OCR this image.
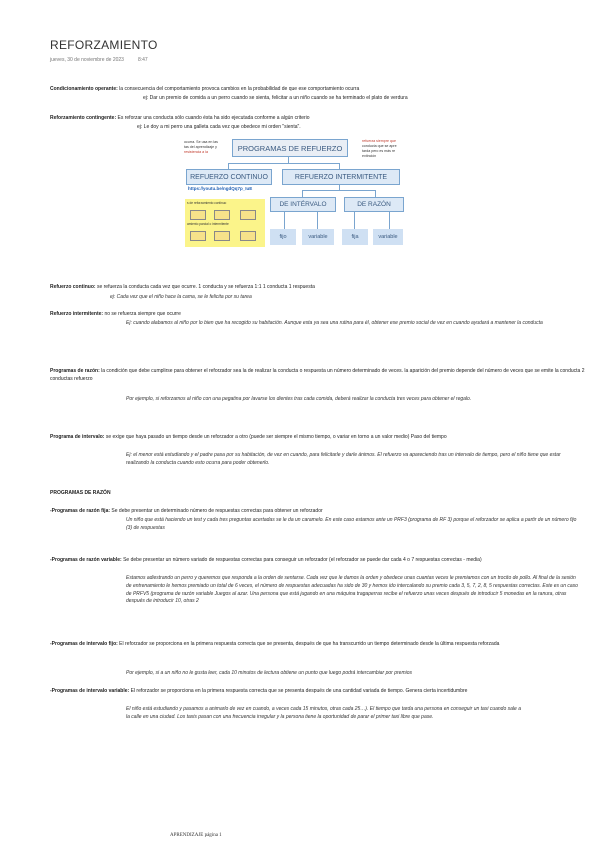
REFORZAMIENTO
jueves, 30 de noviembre de 2023	8:47
Condicionamiento operante: la consecuencia del comportamiento provoca cambios en la probabilidad de que ese comportamiento ocurra
ej: Dar un premio de comida a un perro cuando se sienta, felicitar a un niño cuando se ha terminado el plato de verdura
Reforzamiento contingente: Es reforzar una conducta sólo cuando ésta ha sido ejecutada conforme a algún criterio
ej: Le doy a mi perro una galleta cada vez que obedece mi orden "sienta".
ocurra. Se usa en las
tas del aprendizaje y
resistencia a la
refuerza siempre que
conducta que se apre
tarda pero es más re
extinción
PROGRAMAS DE REFUERZO
REFUERZO CONTINUO	REFUERZO INTERMITENTE
https://youtu.be/ngdQq7p_IuE
DE INTÉRVALO	DE RAZÓN
fijo	variable	fija	variable
s de reforzamiento continuo
amiento parcial o intermitente
Refuerzo continuo: se refuerza la conducta cada vez que ocurre. 1 conducta y se refuerza 1:1 1 conducta 1 respuesta
ej: Cada vez que el niño hace la cama, se le felicita por su tarea
Refuerzo intermitente: no se refuerza siempre que ocurre
Ej: cuando alabamos al niño por lo bien que ha recogido su habitación. Aunque esta ya sea una rutina para él, obtener ese premio social de vez en cuando ayudará a mantener la conducta
Programas de razón: la condición que debe cumplirse para obtener el reforzador sea la de realizar la conducta o respuesta un número determinado de veces. la aparición del premio depende del número de veces que se emite la conducta 2 conductas refuerzo
Por ejemplo, si reforzamos al niño con una pegatina por lavarse los dientes tras cada comida, deberá realizar la conducta tres veces para obtener el regalo.
Programa de intervalo: se exige que haya pasado un tiempo desde un reforzador a otro (puede ser siempre el mismo tiempo, o variar en torno a un valor medio) Paso del tiempo
Ej: el menor está estudiando y el padre pasa por su habitación, de vez en cuando, para felicitarle y darle ánimos. El refuerzo va apareciendo tras un intervalo de tiempo, pero el niño tiene que estar realizando la conducta cuando esto ocurra para poder obtenerlo.
PROGRAMAS DE RAZÓN
-Programas de razón fija: Se debe presentar un determinado número de respuestas correctas para obtener un reforzador
Un niño que está haciendo un test y cada tres preguntas acertadas se le da un caramelo. En este caso estamos ante un PRF3 (programa de RF 3) porque el reforzador se aplica a partir de un número fijo (3) de respuestas
-Programas de razón variable: Se debe presentar un número variado de respuestas correctas para conseguir un reforzador (el reforzador se puede dar cada 4 o 7 respuestas correctas - media)
Estamos adiestrando un perro y queremos que responda a la orden de sentarse. Cada vez que le damos la orden y obedece unas cuantas veces le premiamos con un trocito de pollo. Al final de la sesión de entrenamiento le hemos premiado un total de 6 veces, el número de respuestas adecuadas ha sido de 30 y hemos ido intercalando su premio cada 3, 5, 7, 2, 8, 5 respuestas correctas. Este es un caso de PRFV5 (programa de razón variable Juegos al azar. Una persona que está jugando en una máquina tragaperras recibe el refuerzo unas veces después de introducir 5 monedas en la ranura, otras después de introducir 10, otras 2
-Programas de intervalo fijo: El reforzador se proporciona en la primera respuesta correcta que se presenta, después de que ha transcurrido un tiempo determinado desde la última respuesta reforzada
Por ejemplo, si a un niño no le gusta leer, cada 10 minutos de lectura obtiene un punto que luego podrá intercambiar por premios
-Programas de intervalo variable: El reforzador se proporciona en la primera respuesta correcta que se presenta después de una cantidad variada de tiempo. Genera cierta incertidumbre
El niño está estudiando y pasamos a animarlo de vez en cuando, a veces cada 15 minutos, otras cada 25…). El tiempo que tarda una persona en conseguir un taxi cuando sale a la calle en una ciudad. Los taxis pasan con una frecuencia irregular y la persona tiene la oportunidad de parar el primer taxi libre que pase.
APRENDIZAJE página 1
